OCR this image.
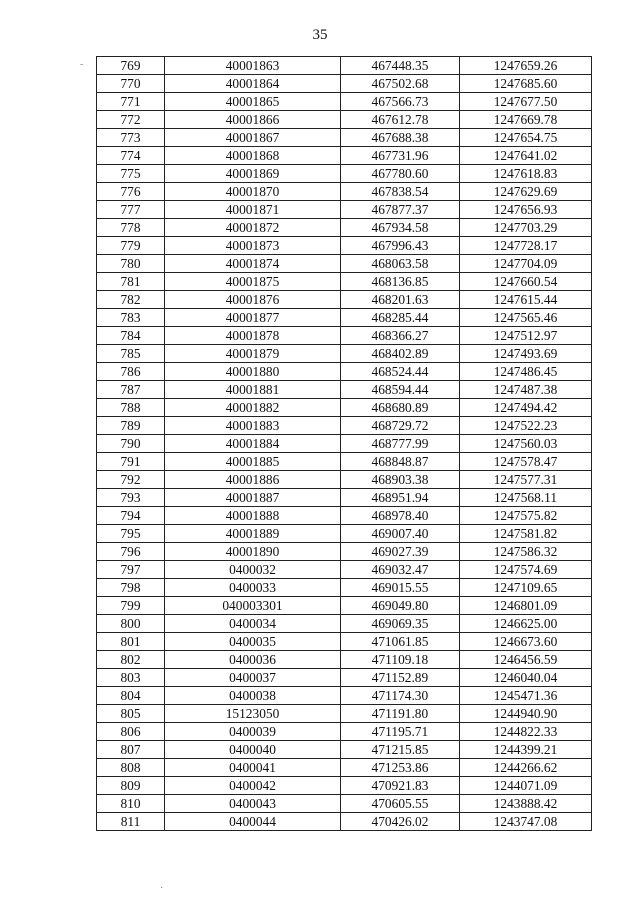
35
˜
·
769	40001863	467448.35	1247659.26
770	40001864	467502.68	1247685.60
771	40001865	467566.73	1247677.50
772	40001866	467612.78	1247669.78
773	40001867	467688.38	1247654.75
774	40001868	467731.96	1247641.02
775	40001869	467780.60	1247618.83
776	40001870	467838.54	1247629.69
777	40001871	467877.37	1247656.93
778	40001872	467934.58	1247703.29
779	40001873	467996.43	1247728.17
780	40001874	468063.58	1247704.09
781	40001875	468136.85	1247660.54
782	40001876	468201.63	1247615.44
783	40001877	468285.44	1247565.46
784	40001878	468366.27	1247512.97
785	40001879	468402.89	1247493.69
786	40001880	468524.44	1247486.45
787	40001881	468594.44	1247487.38
788	40001882	468680.89	1247494.42
789	40001883	468729.72	1247522.23
790	40001884	468777.99	1247560.03
791	40001885	468848.87	1247578.47
792	40001886	468903.38	1247577.31
793	40001887	468951.94	1247568.11
794	40001888	468978.40	1247575.82
795	40001889	469007.40	1247581.82
796	40001890	469027.39	1247586.32
797	0400032	469032.47	1247574.69
798	0400033	469015.55	1247109.65
799	040003301	469049.80	1246801.09
800	0400034	469069.35	1246625.00
801	0400035	471061.85	1246673.60
802	0400036	471109.18	1246456.59
803	0400037	471152.89	1246040.04
804	0400038	471174.30	1245471.36
805	15123050	471191.80	1244940.90
806	0400039	471195.71	1244822.33
807	0400040	471215.85	1244399.21
808	0400041	471253.86	1244266.62
809	0400042	470921.83	1244071.09
810	0400043	470605.55	1243888.42
811	0400044	470426.02	1243747.08
